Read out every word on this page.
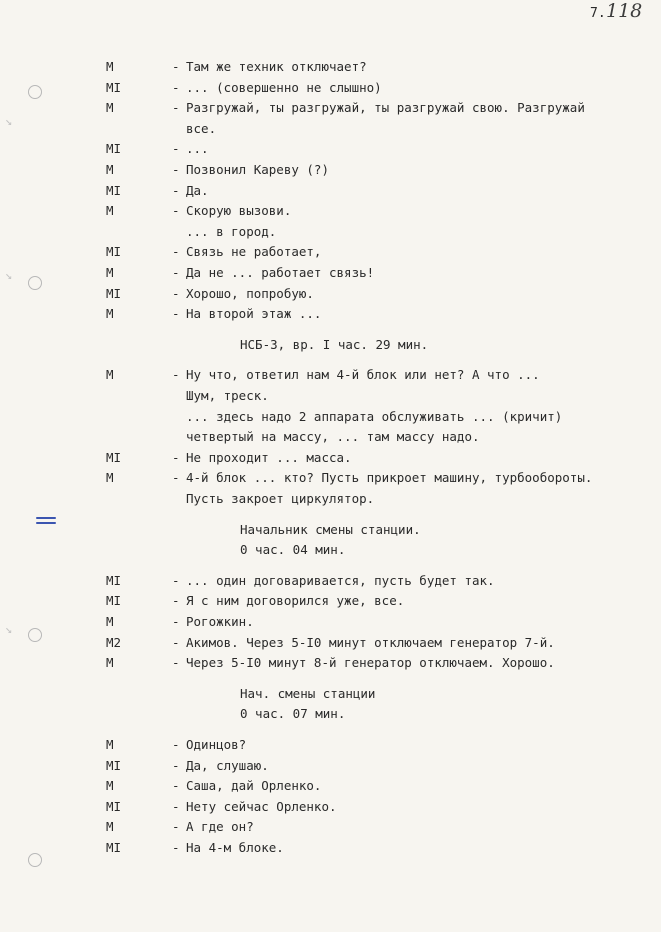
7. 118
↘
↘
↘
М	- Там же техник отключает?
МI	- ... (совершенно не слышно)
М	- Разгружай, ты разгружай, ты разгружай свою. Разгружай
все.
МI	- ...
М	- Позвонил Кареву (?)
МI	- Да.
М	- Скорую вызови.
... в город.
МI	- Связь не работает,
М	- Да не ... работает связь!
МI	- Хорошо, попробую.
М	- На второй этаж ...
НСБ-3, вр. I час. 29 мин.
М	- Ну что, ответил нам 4-й блок или нет? А что ...
Шум, треск.
... здесь надо 2 аппарата обслуживать ... (кричит)
четвертый на массу, ... там массу надо.
МI	- Не проходит ... масса.
М	- 4-й блок ... кто? Пусть прикроет машину, турбообороты.
Пусть закроет циркулятор.
Начальник смены станции.
0 час. 04 мин.
МI	- ... один договаривается, пусть будет так.
МI	- Я с ним договорился уже, все.
М	- Рогожкин.
М2	- Акимов. Через 5-I0 минут отключаем генератор 7-й.
М	- Через 5-I0 минут 8-й генератор отключаем. Хорошо.
Нач. смены станции
0 час. 07 мин.
М	- Одинцов?
МI	- Да, слушаю.
М	- Саша, дай Орленко.
МI	- Нету сейчас Орленко.
М	- А где он?
МI	- На 4-м блоке.
